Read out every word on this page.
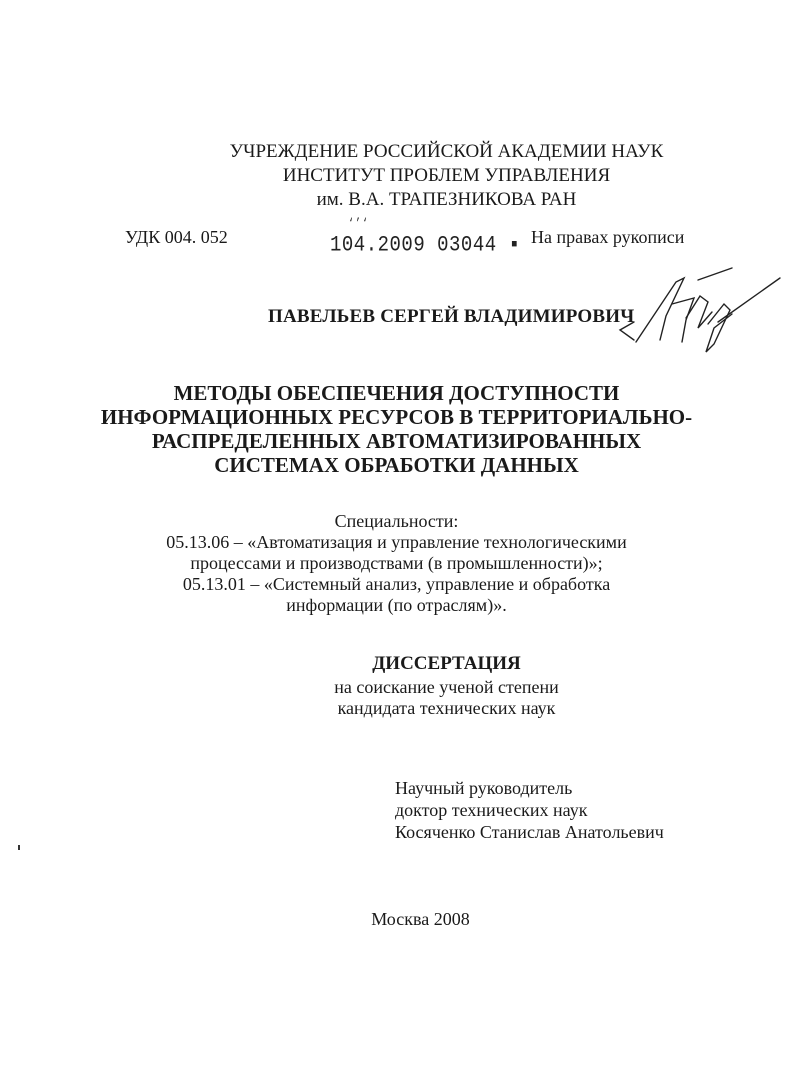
УЧРЕЖДЕНИЕ РОССИЙСКОЙ АКАДЕМИИ НАУК
ИНСТИТУТ ПРОБЛЕМ УПРАВЛЕНИЯ
им. В.А. ТРАПЕЗНИКОВА РАН
УДК 004. 052
‘’‘
104.2009 03044 ▪ На правах рукописи
ПАВЕЛЬЕВ СЕРГЕЙ ВЛАДИМИРОВИЧ
МЕТОДЫ ОБЕСПЕЧЕНИЯ ДОСТУПНОСТИ
ИНФОРМАЦИОННЫХ РЕСУРСОВ В ТЕРРИТОРИАЛЬНО-
РАСПРЕДЕЛЕННЫХ АВТОМАТИЗИРОВАННЫХ
СИСТЕМАХ ОБРАБОТКИ ДАННЫХ
Специальности:
05.13.06 – «Автоматизация и управление технологическими
процессами и производствами (в промышленности)»;
05.13.01 – «Системный анализ, управление и обработка
информации (по отраслям)».
ДИССЕРТАЦИЯ
на соискание ученой степени
кандидата технических наук
Научный руководитель
доктор технических наук
Косяченко Станислав Анатольевич
Москва 2008
